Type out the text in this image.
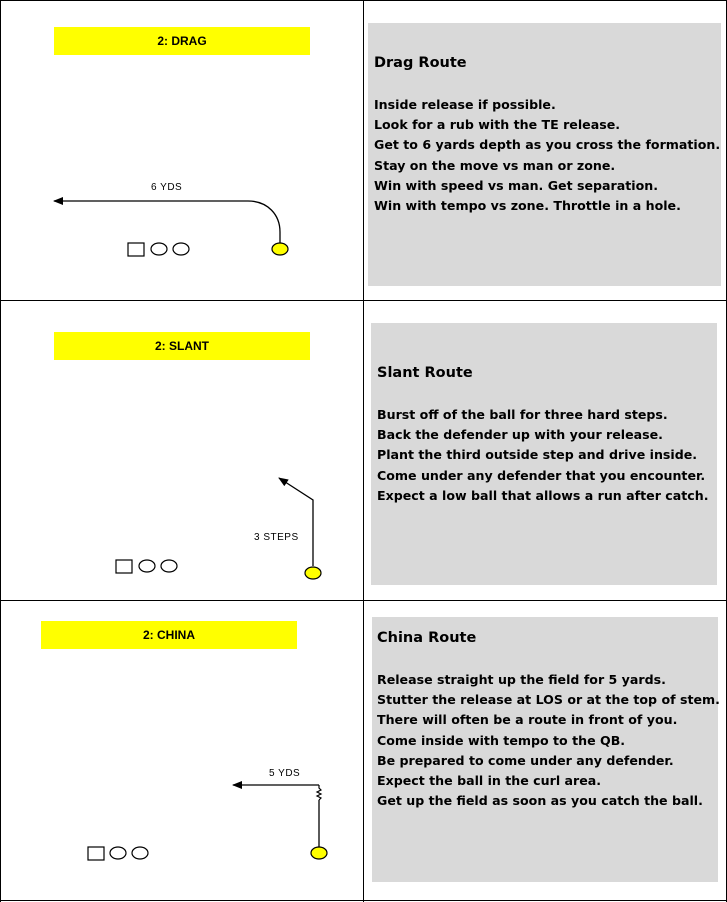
2: DRAG
6 YDS
Drag Route
Inside release if possible.
Look for a rub with the TE release.
Get to 6 yards depth as you cross the formation.
Stay on the move vs man or zone.
Win with speed vs man. Get separation.
Win with tempo vs zone. Throttle in a hole.
2: SLANT
3 STEPS
Slant Route
Burst off of the ball for three hard steps.
Back the defender up with your release.
Plant the third outside step and drive inside.
Come under any defender that you encounter.
Expect a low ball that allows a run after catch.
2: CHINA
5 YDS
China Route
Release straight up the field for 5 yards.
Stutter the release at LOS or at the top of stem.
There will often be a route in front of you.
Come inside with tempo to the QB.
Be prepared to come under any defender.
Expect the ball in the curl area.
Get up the field as soon as you catch the ball.
